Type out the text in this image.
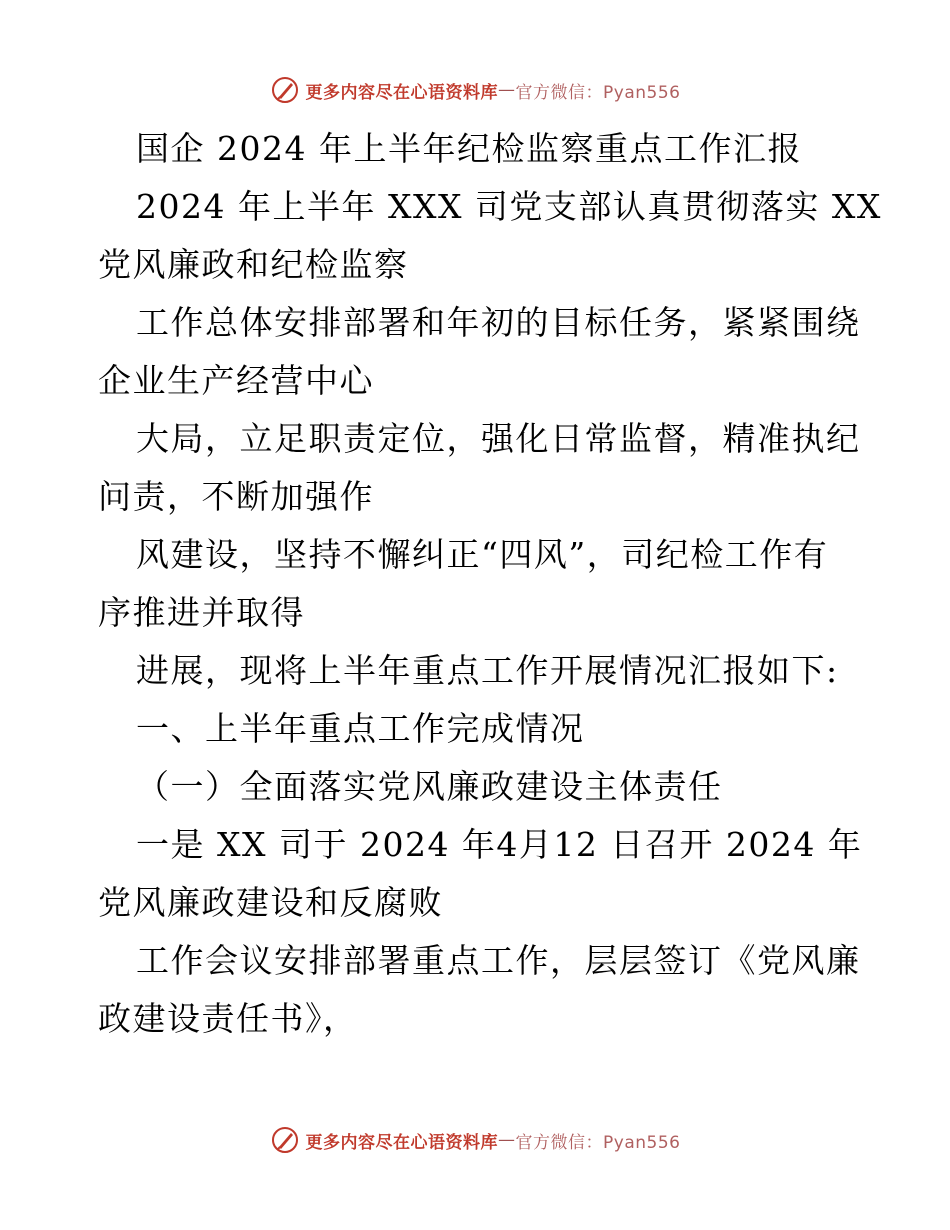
更多内容尽在心语资料库 — 官方微信：Pyan556

国企 2024 年上半年纪检监察重点工作汇报

2024 年上半年 XXX 司党支部认真贯彻落实 XX

党风廉政和纪检监察

工作总体安排部署和年初的目标任务，紧紧围绕

企业生产经营中心

大局，立足职责定位，强化日常监督，精准执纪

问责，不断加强作

风建设，坚持不懈纠正“四风”，司纪检工作有

序推进并取得

进展，现将上半年重点工作开展情况汇报如下:

一、上半年重点工作完成情况

（一）全面落实党风廉政建设主体责任

一是 XX 司于 2024 年4月12 日召开 2024 年

党风廉政建设和反腐败

工作会议安排部署重点工作，层层签订《党风廉

政建设责任书》，

更多内容尽在心语资料库 — 官方微信：Pyan556
